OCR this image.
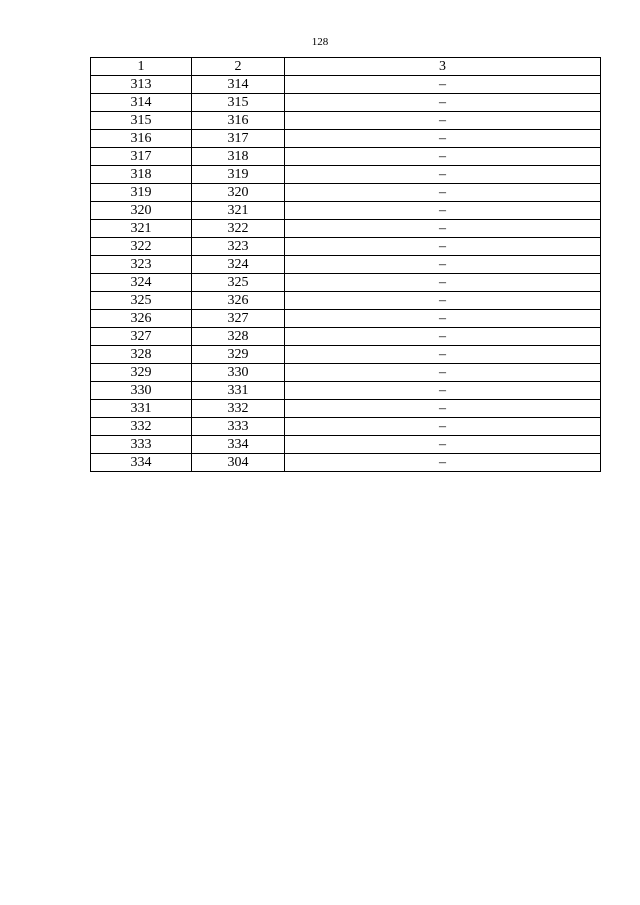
128
1	2	3
313	314	–
314	315	–
315	316	–
316	317	–
317	318	–
318	319	–
319	320	–
320	321	–
321	322	–
322	323	–
323	324	–
324	325	–
325	326	–
326	327	–
327	328	–
328	329	–
329	330	–
330	331	–
331	332	–
332	333	–
333	334	–
334	304	–
